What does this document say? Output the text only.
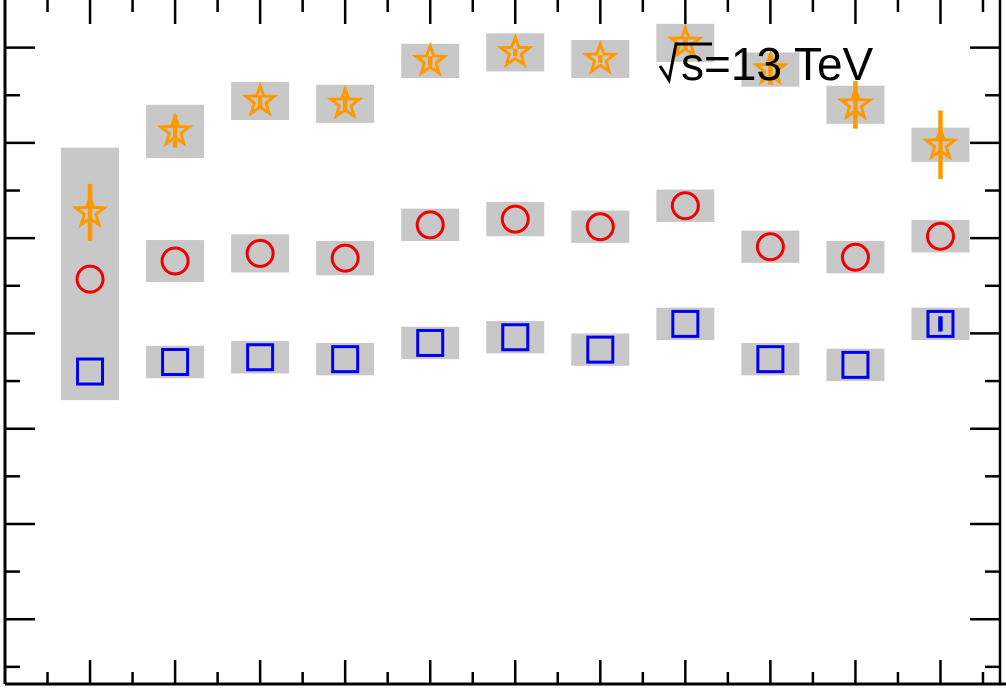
s=13 TeV
